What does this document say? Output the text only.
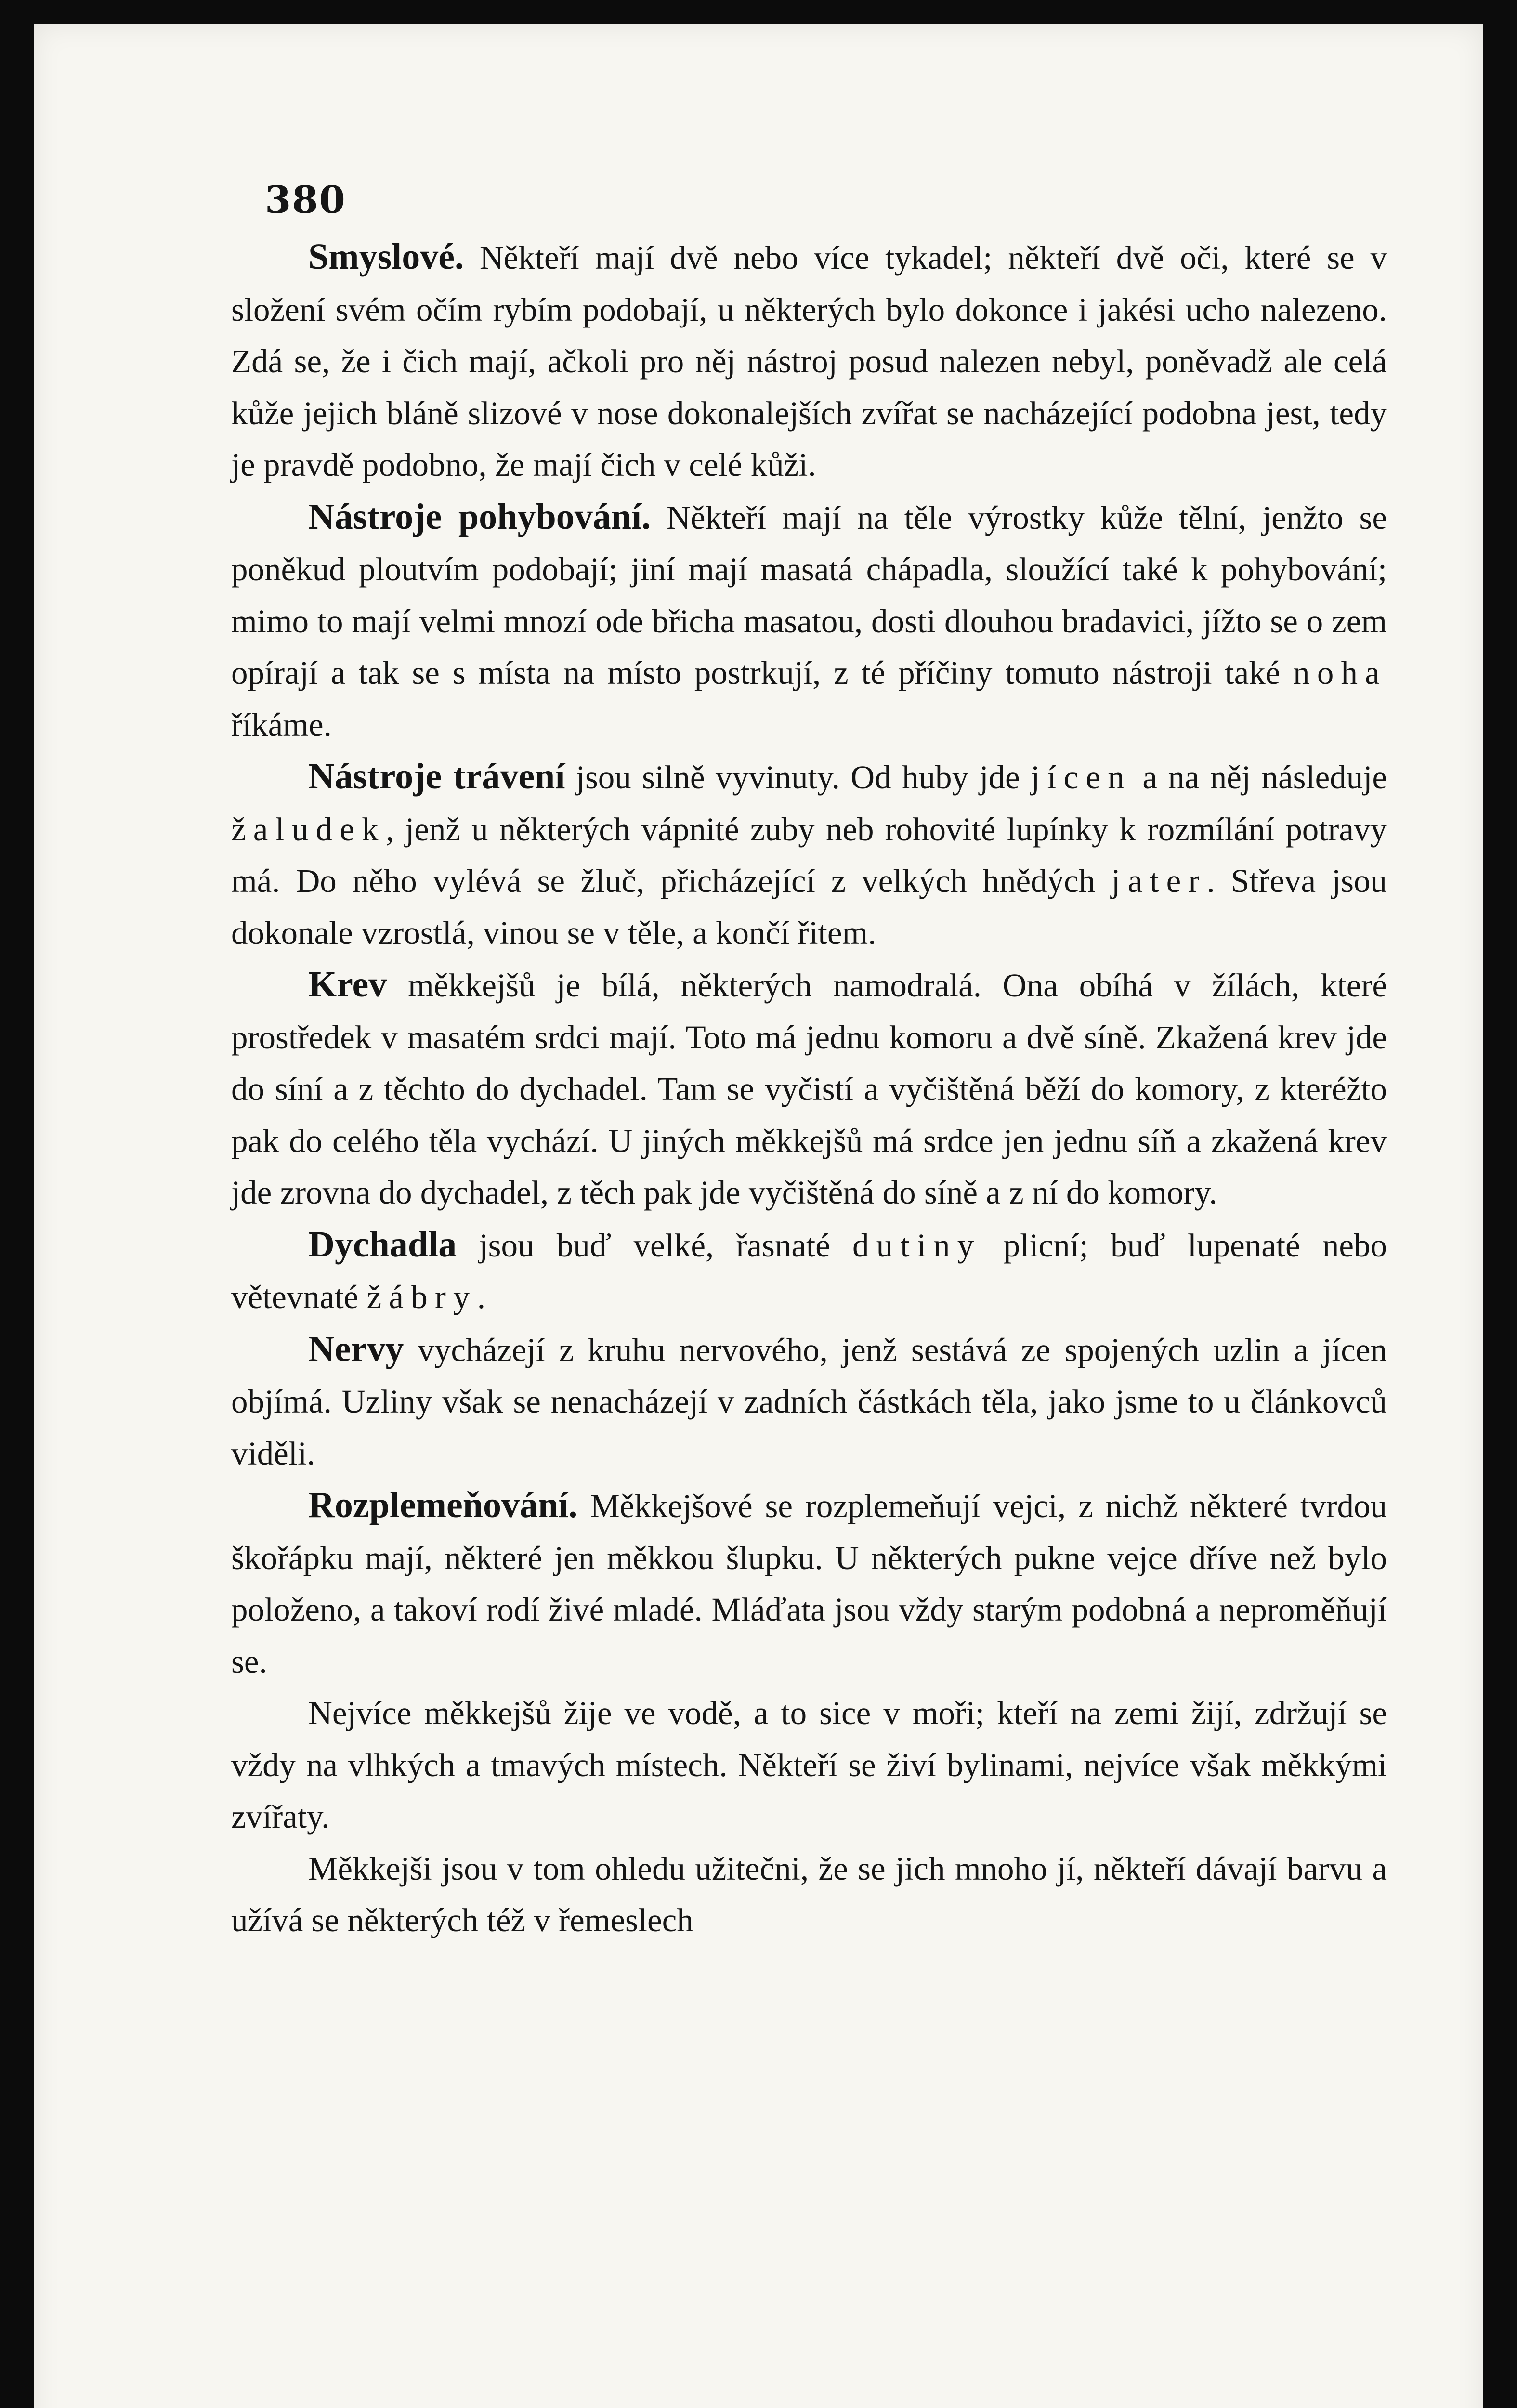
380

Smyslové. Někteří mají dvě nebo více tykadel; někteří dvě oči, které se v složení svém očím rybím podobají, u některých bylo dokonce i jakési ucho nalezeno. Zdá se, že i čich mají, ačkoli pro něj nástroj posud nalezen nebyl, poněvadž ale celá kůže jejich bláně slizové v nose dokonalejších zvířat se nacházející podobna jest, tedy je pravdě podobno, že mají čich v celé kůži.

Nástroje pohybování. Někteří mají na těle výrostky kůže tělní, jenžto se poněkud ploutvím podobají; jiní mají masatá chápadla, sloužící také k pohybování; mimo to mají velmi mnozí ode břicha masatou, dosti dlouhou bradavici, jížto se o zem opírají a tak se s místa na místo postrkují, z té příčiny tomuto nástroji také noha říkáme.

Nástroje trávení jsou silně vyvinuty. Od huby jde jícen a na něj následuje žaludek, jenž u některých vápnité zuby neb rohovité lupínky k rozmílání potravy má. Do něho vylévá se žluč, přicházející z velkých hnědých jater. Střeva jsou dokonale vzrostlá, vinou se v těle, a končí řitem.

Krev měkkejšů je bílá, některých namodralá. Ona obíhá v žílách, které prostředek v masatém srdci mají. Toto má jednu komoru a dvě síně. Zkažená krev jde do síní a z těchto do dychadel. Tam se vyčistí a vyčištěná běží do komory, z kteréžto pak do celého těla vychází. U jiných měkkejšů má srdce jen jednu síň a zkažená krev jde zrovna do dychadel, z těch pak jde vyčištěná do síně a z ní do komory.

Dychadla jsou buď velké, řasnaté dutiny plicní; buď lupenaté nebo větevnaté žábry.

Nervy vycházejí z kruhu nervového, jenž sestává ze spojených uzlin a jícen objímá. Uzliny však se nenacházejí v zadních částkách těla, jako jsme to u článkovců viděli.

Rozplemeňování. Měkkejšové se rozplemeňují vejci, z nichž některé tvrdou škořápku mají, některé jen měkkou šlupku. U některých pukne vejce dříve než bylo položeno, a takoví rodí živé mladé. Mláďata jsou vždy starým podobná a neproměňují se.

Nejvíce měkkejšů žije ve vodě, a to sice v moři; kteří na zemi žijí, zdržují se vždy na vlhkých a tmavých místech. Někteří se živí bylinami, nejvíce však měkkými zvířaty.

Měkkejši jsou v tom ohledu užitečni, že se jich mnoho jí, někteří dávají barvu a užívá se některých též v řemeslech
